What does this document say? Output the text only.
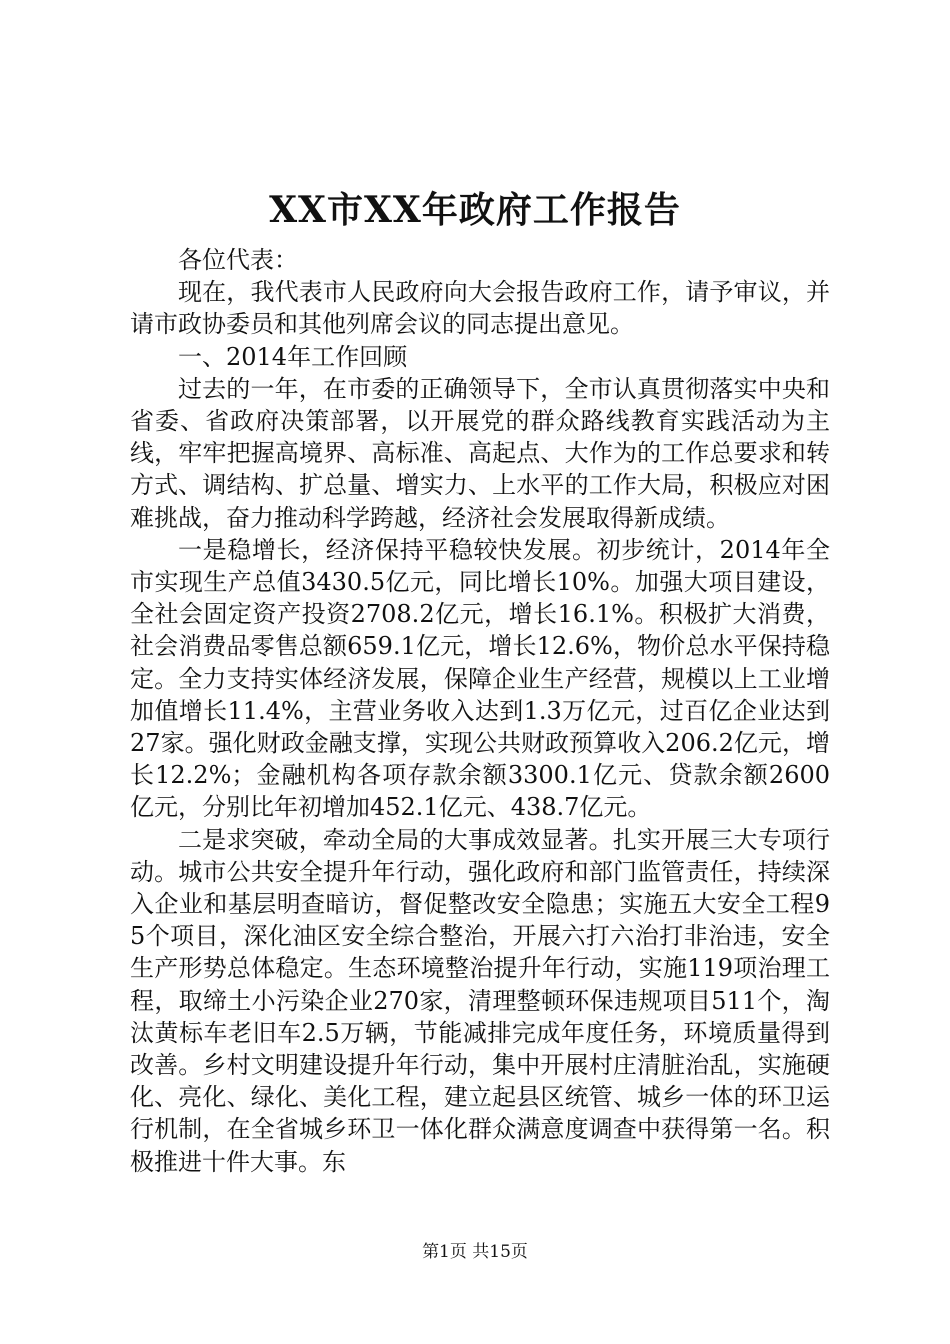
XX市XX年政府工作报告

各位代表：

现在，我代表市人民政府向大会报告政府工作，请予审议，并请市政协委员和其他列席会议的同志提出意见。

一、2014年工作回顾

过去的一年，在市委的正确领导下，全市认真贯彻落实中央和省委、省政府决策部署，以开展党的群众路线教育实践活动为主线，牢牢把握高境界、高标准、高起点、大作为的工作总要求和转方式、调结构、扩总量、增实力、上水平的工作大局，积极应对困难挑战，奋力推动科学跨越，经济社会发展取得新成绩。

一是稳增长，经济保持平稳较快发展。初步统计，2014年全市实现生产总值3430.5亿元，同比增长10%。加强大项目建设，全社会固定资产投资2708.2亿元，增长16.1%。积极扩大消费，社会消费品零售总额659.1亿元，增长12.6%，物价总水平保持稳定。全力支持实体经济发展，保障企业生产经营，规模以上工业增加值增长11.4%，主营业务收入达到1.3万亿元，过百亿企业达到27家。强化财政金融支撑，实现公共财政预算收入206.2亿元，增长12.2%；金融机构各项存款余额3300.1亿元、贷款余额2600亿元，分别比年初增加452.1亿元、438.7亿元。

二是求突破，牵动全局的大事成效显著。扎实开展三大专项行动。城市公共安全提升年行动，强化政府和部门监管责任，持续深入企业和基层明查暗访，督促整改安全隐患；实施五大安全工程95个项目，深化油区安全综合整治，开展六打六治打非治违，安全生产形势总体稳定。生态环境整治提升年行动，实施119项治理工程，取缔土小污染企业270家，清理整顿环保违规项目511个，淘汰黄标车老旧车2.5万辆，节能减排完成年度任务，环境质量得到改善。乡村文明建设提升年行动，集中开展村庄清脏治乱，实施硬化、亮化、绿化、美化工程，建立起县区统管、城乡一体的环卫运行机制，在全省城乡环卫一体化群众满意度调查中获得第一名。积极推进十件大事。东

第1页 共15页
